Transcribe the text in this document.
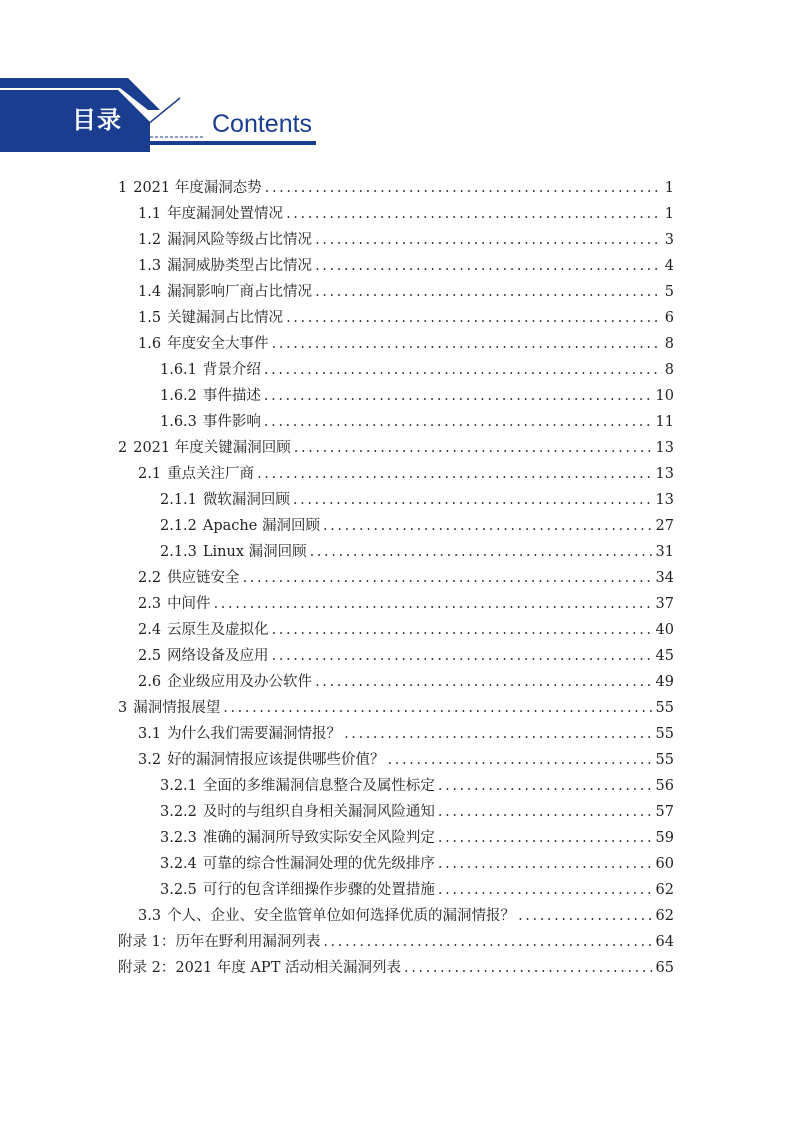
目录	Contents
1 2021 年度漏洞态势 .....	1
1.1 年度漏洞处置情况 .....	1
1.2 漏洞风险等级占比情况 .....	3
1.3 漏洞威胁类型占比情况 .....	4
1.4 漏洞影响厂商占比情况 .....	5
1.5 关键漏洞占比情况 .....	6
1.6 年度安全大事件 .....	8
1.6.1 背景介绍 .....	8
1.6.2 事件描述 .....	10
1.6.3 事件影响 .....	11
2 2021 年度关键漏洞回顾 .....	13
2.1 重点关注厂商 .....	13
2.1.1 微软漏洞回顾 .....	13
2.1.2 Apache 漏洞回顾 .....	27
2.1.3 Linux 漏洞回顾 .....	31
2.2 供应链安全 .....	34
2.3 中间件 .....	37
2.4 云原生及虚拟化 .....	40
2.5 网络设备及应用 .....	45
2.6 企业级应用及办公软件 .....	49
3 漏洞情报展望 .....	55
3.1 为什么我们需要漏洞情报？ .....	55
3.2 好的漏洞情报应该提供哪些价值？ .....	55
3.2.1 全面的多维漏洞信息整合及属性标定 .....	56
3.2.2 及时的与组织自身相关漏洞风险通知 .....	57
3.2.3 准确的漏洞所导致实际安全风险判定 .....	59
3.2.4 可靠的综合性漏洞处理的优先级排序 .....	60
3.2.5 可行的包含详细操作步骤的处置措施 .....	62
3.3 个人、企业、安全监管单位如何选择优质的漏洞情报？ .....	62
附录 1： 历年在野利用漏洞列表 .....	64
附录 2： 2021 年度 APT 活动相关漏洞列表 .....	65
